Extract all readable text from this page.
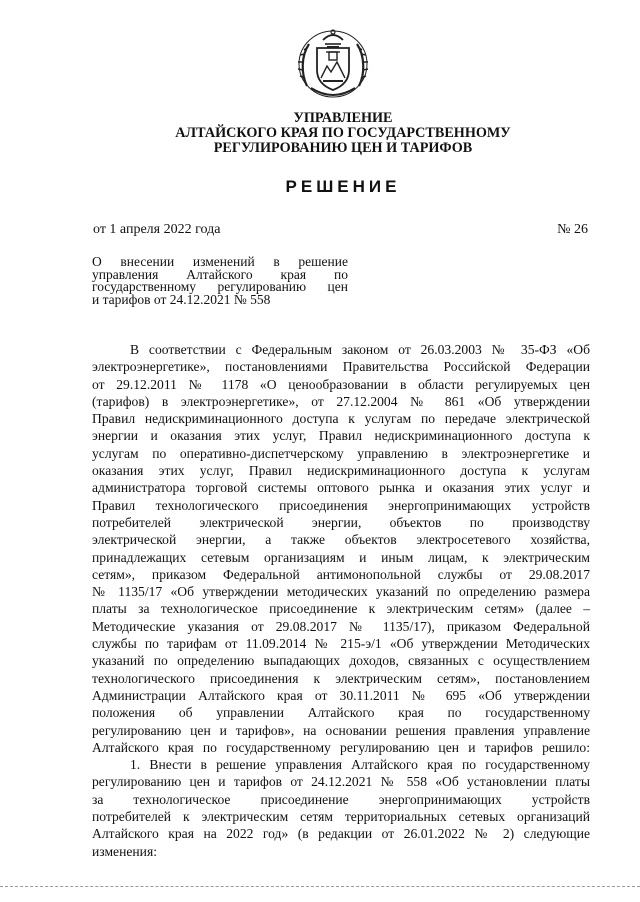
УПРАВЛЕНИЕ
АЛТАЙСКОГО КРАЯ ПО ГОСУДАРСТВЕННОМУ
РЕГУЛИРОВАНИЮ ЦЕН И ТАРИФОВ
РЕШЕНИЕ
от 1 апреля 2022 года	№ 26
О внесении изменений в решение
управления Алтайского края по
государственному регулированию цен
и тарифов от 24.12.2021 № 558
В соответствии с Федеральным законом от 26.03.2003 № 35-ФЗ «Об
электроэнергетике», постановлениями Правительства Российской Федерации
от 29.12.2011 № 1178 «О ценообразовании в области регулируемых цен
(тарифов) в электроэнергетике», от 27.12.2004 № 861 «Об утверждении
Правил недискриминационного доступа к услугам по передаче электрической
энергии и оказания этих услуг, Правил недискриминационного доступа к
услугам по оперативно-диспетчерскому управлению в электроэнергетике и
оказания этих услуг, Правил недискриминационного доступа к услугам
администратора торговой системы оптового рынка и оказания этих услуг и
Правил технологического присоединения энергопринимающих устройств
потребителей электрической энергии, объектов по производству
электрической энергии, а также объектов электросетевого хозяйства,
принадлежащих сетевым организациям и иным лицам, к электрическим
сетям», приказом Федеральной антимонопольной службы от 29.08.2017
№ 1135/17 «Об утверждении методических указаний по определению размера
платы за технологическое присоединение к электрическим сетям» (далее –
Методические указания от 29.08.2017 № 1135/17), приказом Федеральной
службы по тарифам от 11.09.2014 № 215-э/1 «Об утверждении Методических
указаний по определению выпадающих доходов, связанных с осуществлением
технологического присоединения к электрическим сетям», постановлением
Администрации Алтайского края от 30.11.2011 № 695 «Об утверждении
положения об управлении Алтайского края по государственному
регулированию цен и тарифов», на основании решения правления управление
Алтайского края по государственному регулированию цен и тарифов решило:
1. Внести в решение управления Алтайского края по государственному
регулированию цен и тарифов от 24.12.2021 № 558 «Об установлении платы
за технологическое присоединение энергопринимающих устройств
потребителей к электрическим сетям территориальных сетевых организаций
Алтайского края на 2022 год» (в редакции от 26.01.2022 № 2) следующие
изменения:
